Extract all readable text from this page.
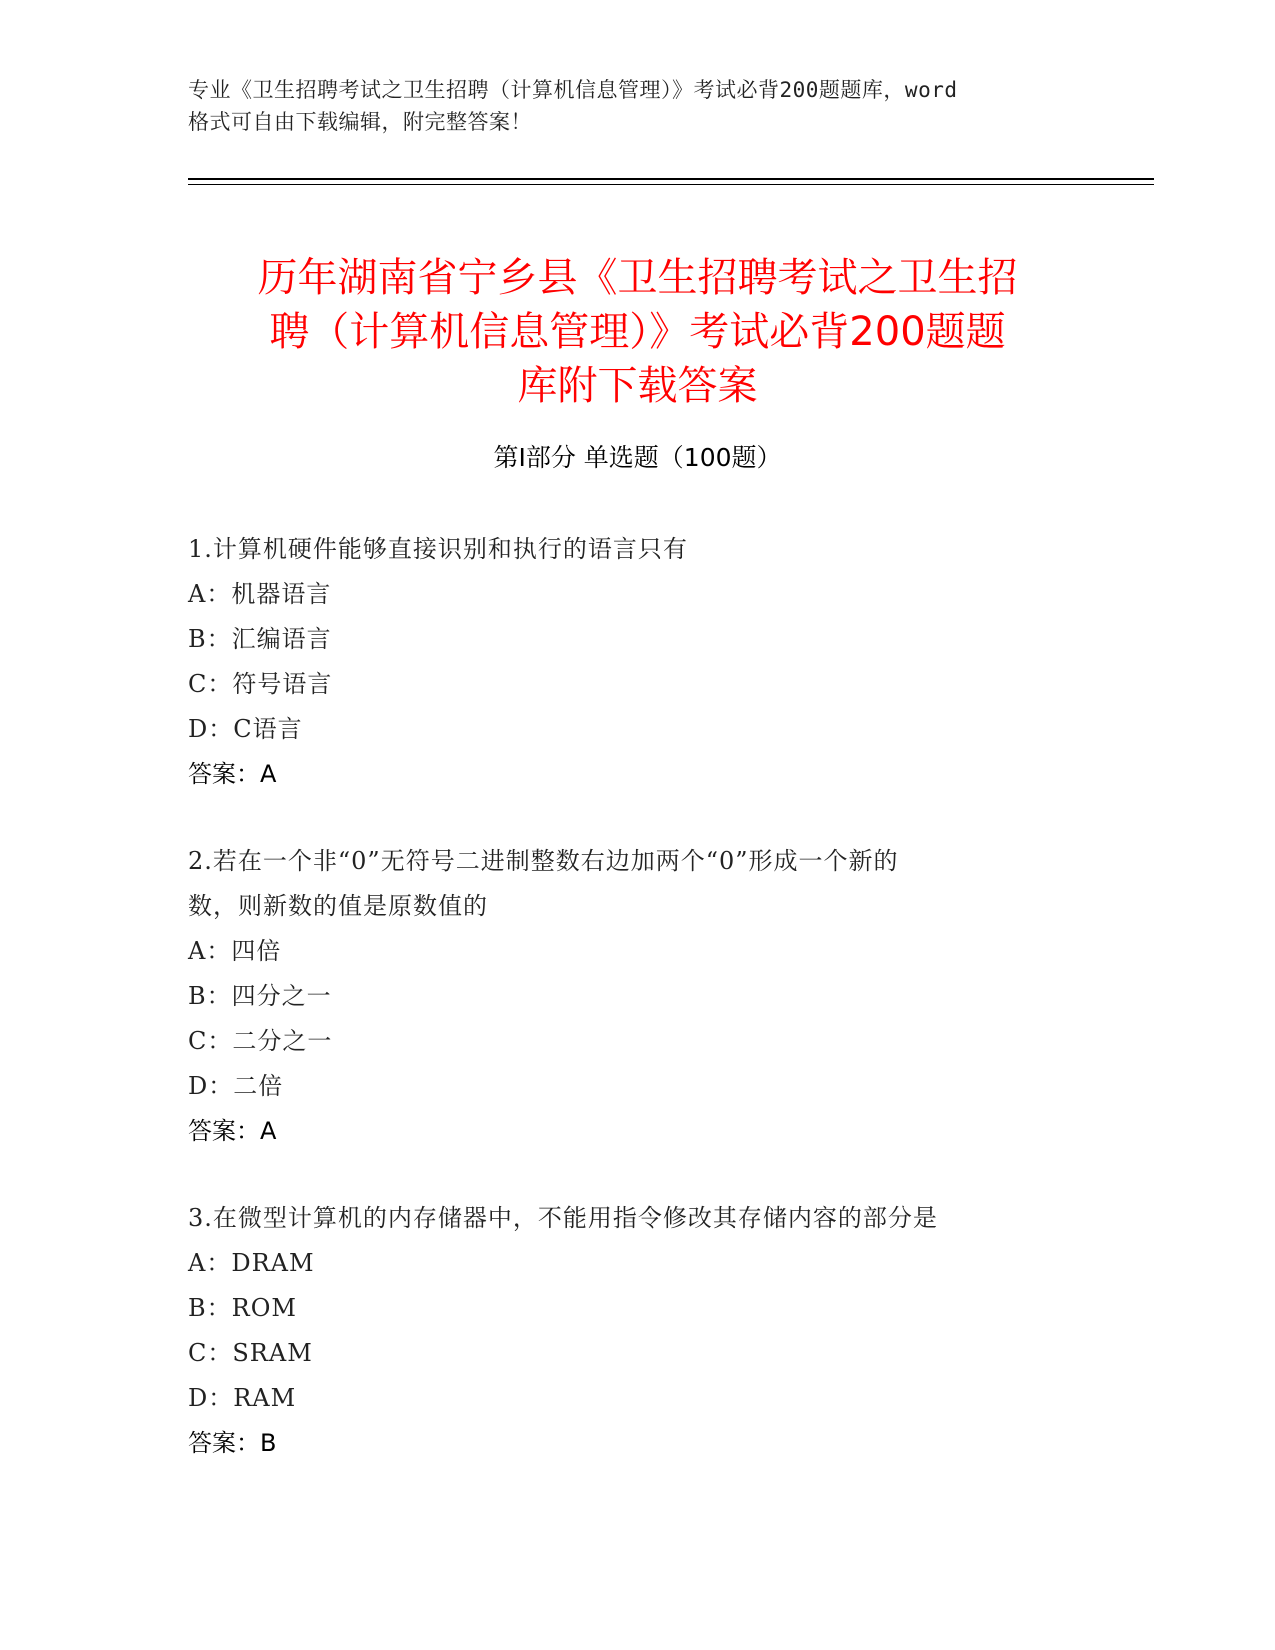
专业《卫生招聘考试之卫生招聘（计算机信息管理）》考试必背200题题库，word
格式可自由下载编辑，附完整答案！
历年湖南省宁乡县《卫生招聘考试之卫生招
聘（计算机信息管理）》考试必背200题题
库附下载答案
第Ⅰ部分 单选题（100题）
1.计算机硬件能够直接识别和执行的语言只有
A：机器语言
B：汇编语言
C：符号语言
D：C语言
答案：A
2.若在一个非“0”无符号二进制整数右边加两个“0”形成一个新的
数，则新数的值是原数值的
A：四倍
B：四分之一
C：二分之一
D：二倍
答案：A
3.在微型计算机的内存储器中，不能用指令修改其存储内容的部分是
A：DRAM
B：ROM
C：SRAM
D：RAM
答案：B
